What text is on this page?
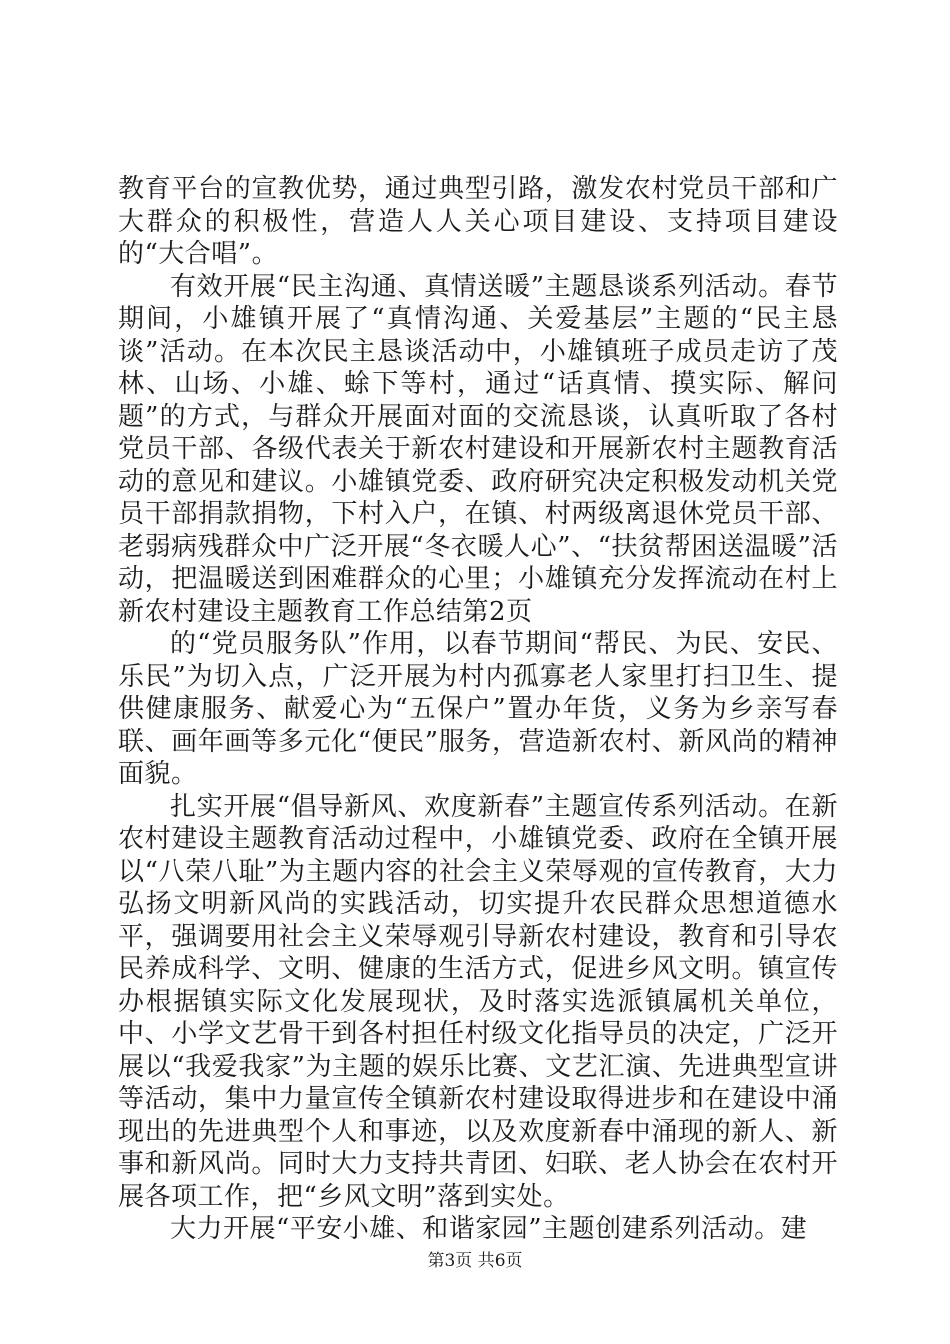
教育平台的宣教优势，通过典型引路，激发农村党员干部和广大群众的积极性，营造人人关心项目建设、支持项目建设的“大合唱”。

有效开展“民主沟通、真情送暖”主题恳谈系列活动。春节期间，小雄镇开展了“真情沟通、关爱基层”主题的“民主恳谈”活动。在本次民主恳谈活动中，小雄镇班子成员走访了茂林、山场、小雄、蜍下等村，通过“话真情、摸实际、解问题”的方式，与群众开展面对面的交流恳谈，认真听取了各村党员干部、各级代表关于新农村建设和开展新农村主题教育活动的意见和建议。小雄镇党委、政府研究决定积极发动机关党员干部捐款捐物，下村入户，在镇、村两级离退休党员干部、老弱病残群众中广泛开展“冬衣暖人心”、“扶贫帮困送温暖”活动，把温暖送到困难群众的心里；小雄镇充分发挥流动在村上新农村建设主题教育工作总结第2页

的“党员服务队”作用，以春节期间“帮民、为民、安民、乐民”为切入点，广泛开展为村内孤寡老人家里打扫卫生、提供健康服务、献爱心为“五保户”置办年货，义务为乡亲写春联、画年画等多元化“便民”服务，营造新农村、新风尚的精神面貌。

扎实开展“倡导新风、欢度新春”主题宣传系列活动。在新农村建设主题教育活动过程中，小雄镇党委、政府在全镇开展以“八荣八耻”为主题内容的社会主义荣辱观的宣传教育，大力弘扬文明新风尚的实践活动，切实提升农民群众思想道德水平，强调要用社会主义荣辱观引导新农村建设，教育和引导农民养成科学、文明、健康的生活方式，促进乡风文明。镇宣传办根据镇实际文化发展现状，及时落实选派镇属机关单位，中、小学文艺骨干到各村担任村级文化指导员的决定，广泛开展以“我爱我家”为主题的娱乐比赛、文艺汇演、先进典型宣讲等活动，集中力量宣传全镇新农村建设取得进步和在建设中涌现出的先进典型个人和事迹，以及欢度新春中涌现的新人、新事和新风尚。同时大力支持共青团、妇联、老人协会在农村开展各项工作，把“乡风文明”落到实处。

大力开展“平安小雄、和谐家园”主题创建系列活动。建

第3页 共6页
